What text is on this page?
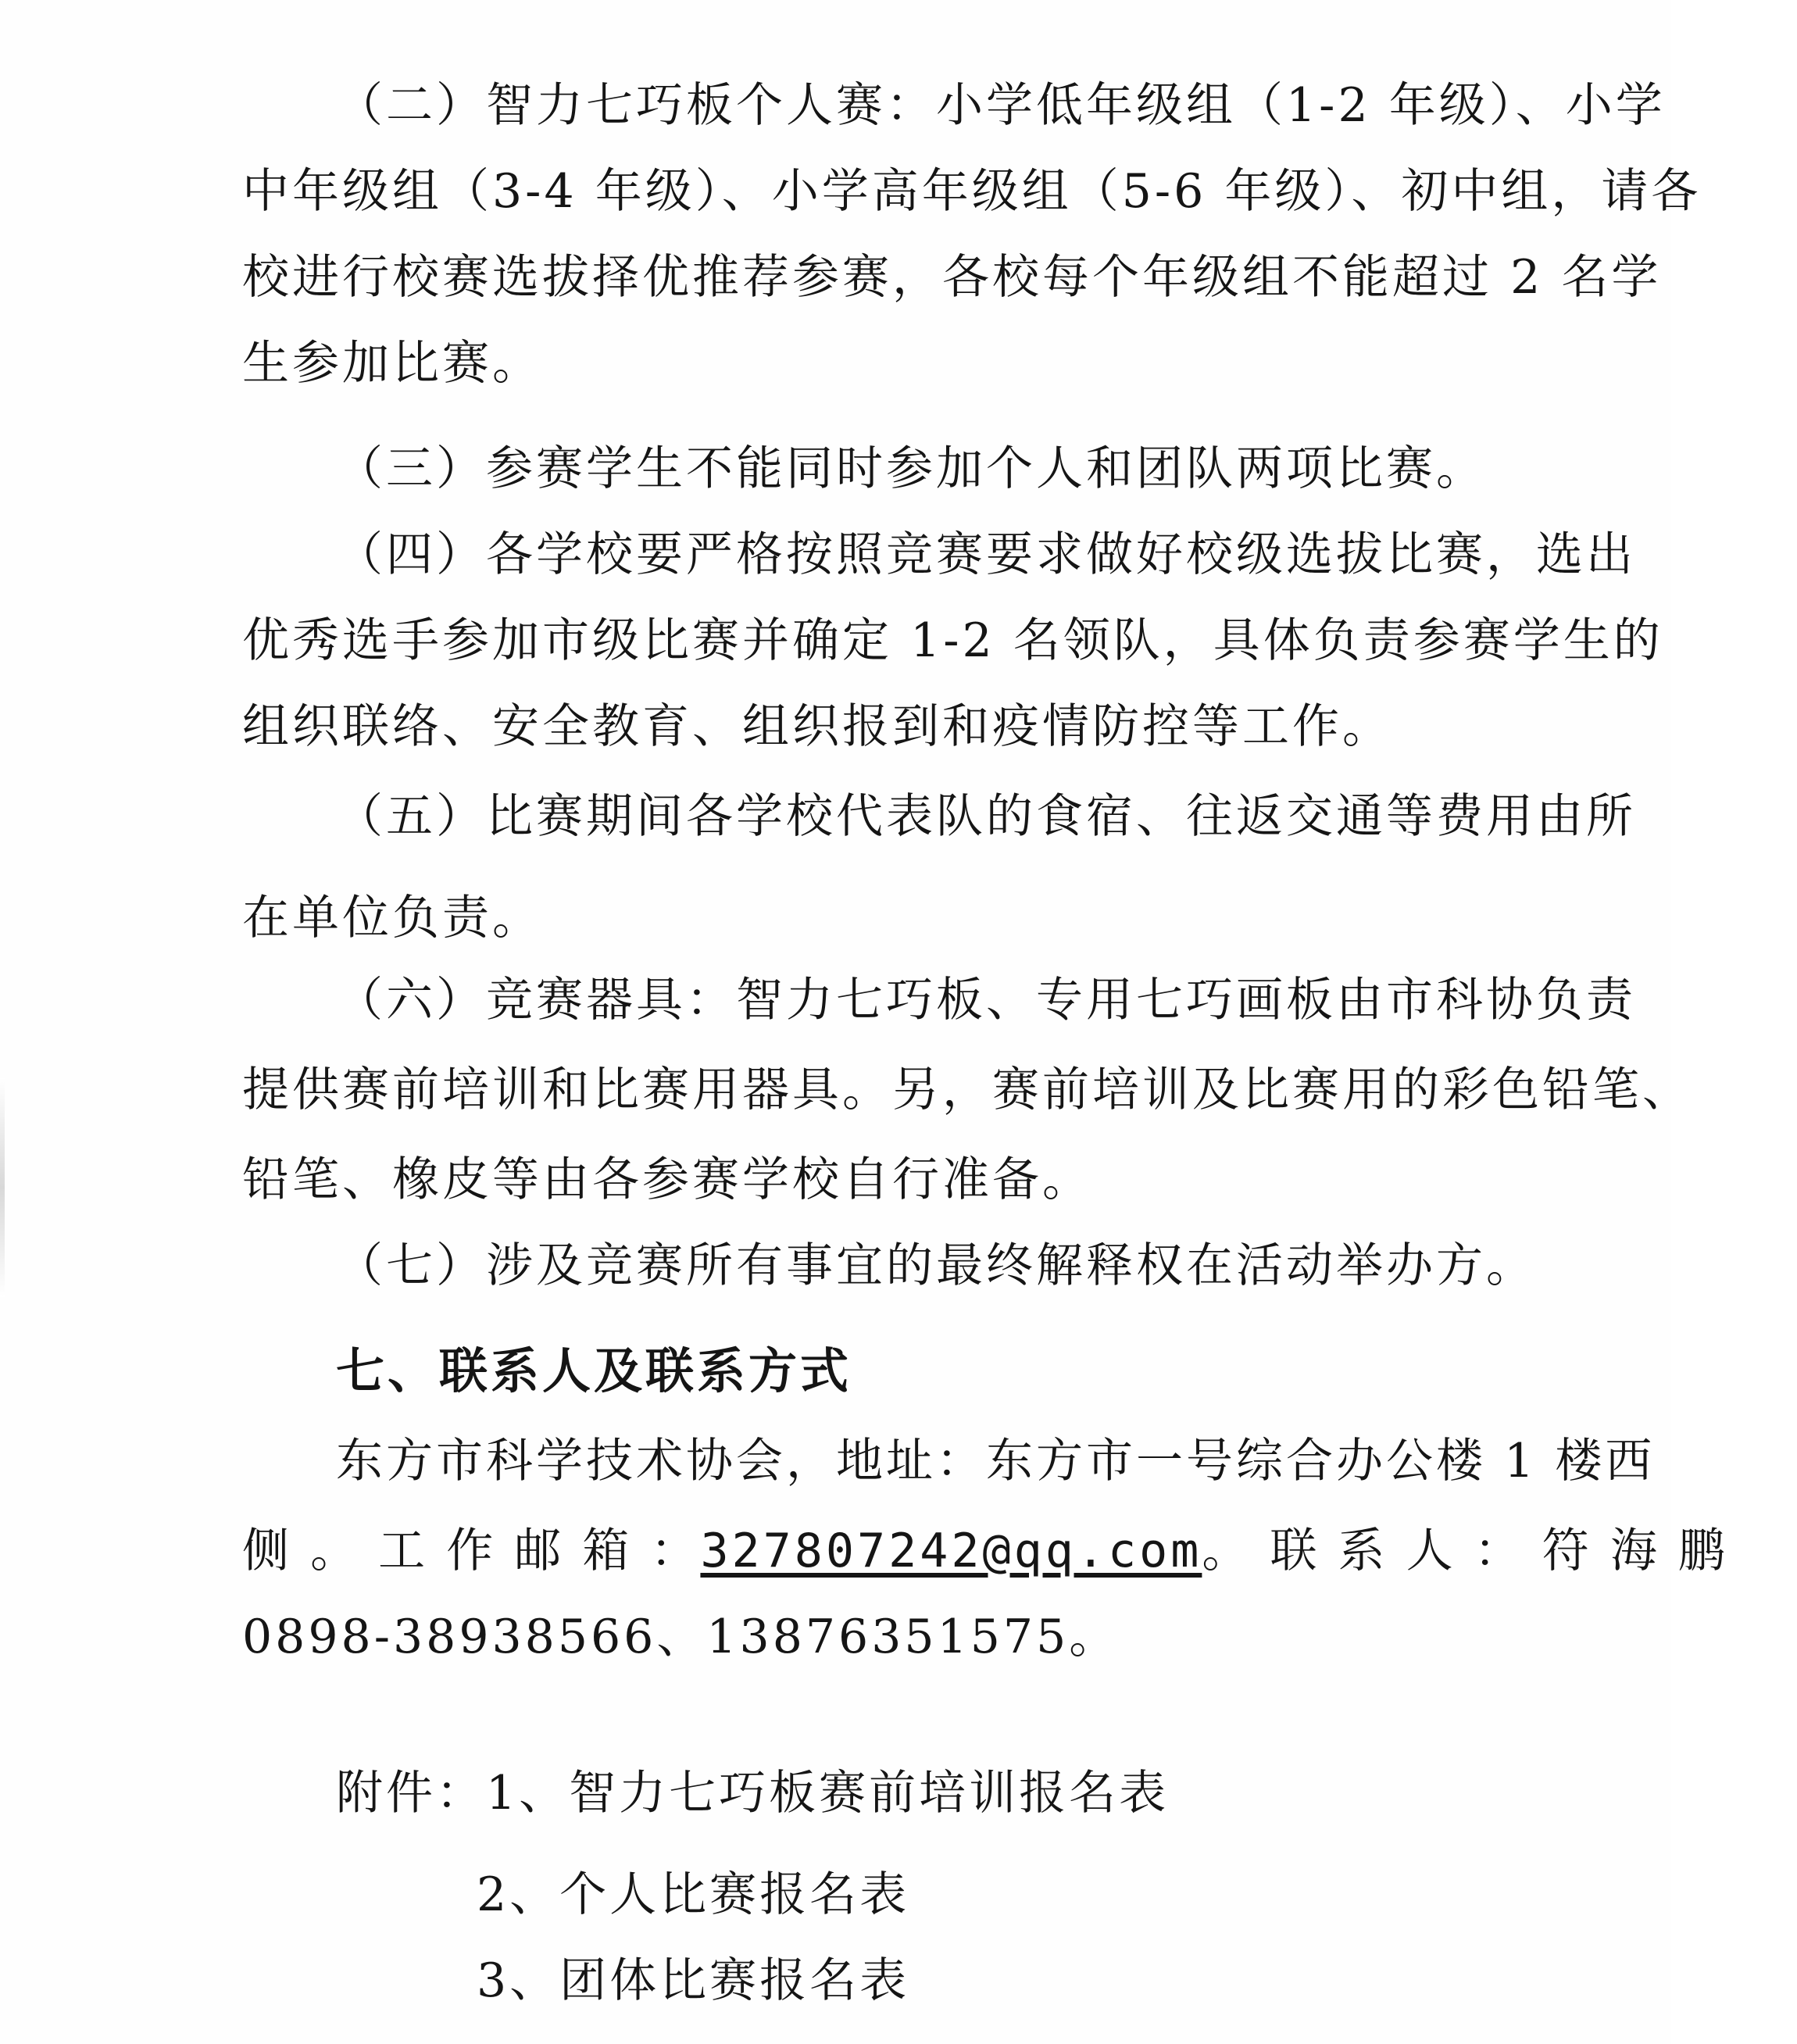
（二）智力七巧板个人赛：小学低年级组（1-2 年级）、小学
中年级组（3-4 年级）、小学高年级组（5-6 年级）、初中组，请各
校进行校赛选拔择优推荐参赛，各校每个年级组不能超过 2 名学
生参加比赛。
（三）参赛学生不能同时参加个人和团队两项比赛。
（四）各学校要严格按照竞赛要求做好校级选拔比赛，选出
优秀选手参加市级比赛并确定 1-2 名领队，具体负责参赛学生的
组织联络、安全教育、组织报到和疫情防控等工作。
（五）比赛期间各学校代表队的食宿、往返交通等费用由所
在单位负责。
（六）竞赛器具：智力七巧板、专用七巧画板由市科协负责
提供赛前培训和比赛用器具。另，赛前培训及比赛用的彩色铅笔、
铅笔、橡皮等由各参赛学校自行准备。
（七）涉及竞赛所有事宜的最终解释权在活动举办方。
七、联系人及联系方式
东方市科学技术协会，地址：东方市一号综合办公楼 1 楼西
侧 。 工 作 邮 箱 ： 327807242@qq.com 。 联 系 人 ： 符 海 鹏
0898-38938566、13876351575。
附件：1、智力七巧板赛前培训报名表
2、个人比赛报名表
3、团体比赛报名表
